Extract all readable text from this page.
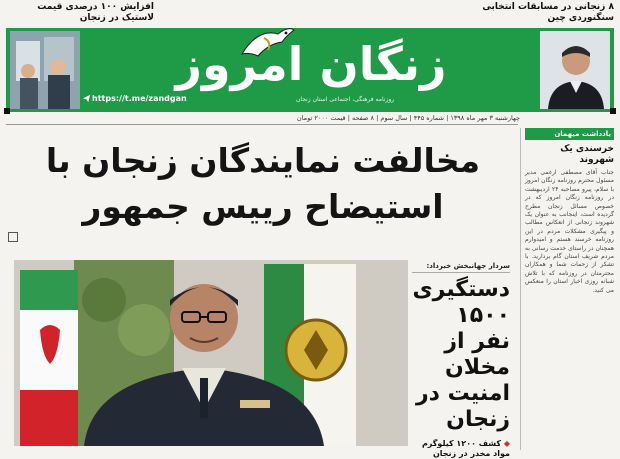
افزایش ۱۰۰ درصدی قیمت لاستیک در زنجان
۸ زنجانی در مسابقات انتخابی سنگنوردی چین
زنگان امروز
روزنامه فرهنگی، اجتماعی استان زنجان
https://t.me/zandgan
چهارشنبه ۳ مهر ماه ۱۳۹۸ | شماره ۴۴۵ | سال سوم | ۸ صفحه | قیمت ۲۰۰۰ تومان
مخالفت نمایندگان زنجان با استیضاح رییس جمهور
سردار جهانبخش خبرداد:
دستگیری ۱۵۰۰ نفر از مخلان امنیت در زنجان
◆ کشف ۱۲۰۰ کیلوگرم مواد مخدر در زنجان
یادداشت میهمان
خرسندی یک شهروند
جناب آقای مصطفی ارغمی مدیر مسئول محترم روزنامه زنگان امروز با سلام، پیرو مصاحبه ۲۴ اردیبهشت در روزنامه زنگان امروز که در خصوص مسائل زنجان مطرح گردیده است، اینجانب به عنوان یک شهروند زنجانی از انعکاس مطالب و پیگیری مشکلات مردم در این روزنامه خرسند هستم و امیدوارم همچنان در راستای خدمت رسانی به مردم شریف استان گام بردارید. با تشکر از زحمات شما و همکاران محترمتان در روزنامه که با تلاش شبانه روزی اخبار استان را منعکس می کنید.
